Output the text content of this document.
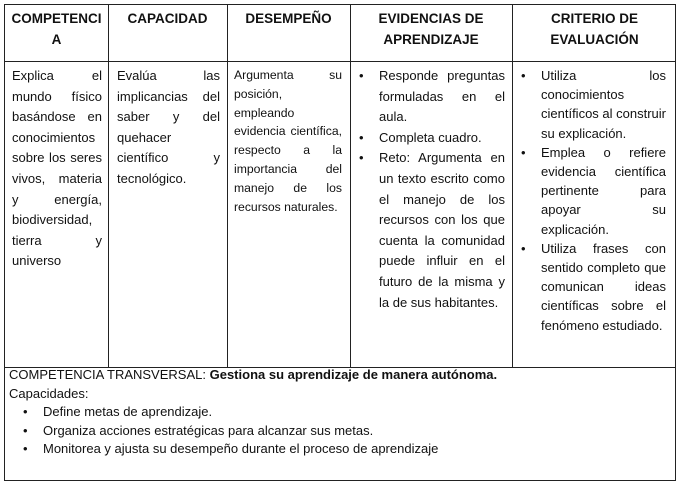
COMPETENCI
A
CAPACIDAD	DESEMPEÑO	EVIDENCIAS DE
APRENDIZAJE
CRITERIO DE
EVALUACIÓN
Explica el mundo físico basándose en conocimientos sobre los seres vivos, materia y energía, biodiversidad, tierra y universo
Evalúa las implicancias del saber y del quehacer científico y tecnológico.
Argumenta su posición, empleando evidencia científica, respecto a la importancia del manejo de los recursos naturales.
• Responde preguntas formuladas en el aula.
• Completa cuadro.
• Reto: Argumenta en un texto escrito como el manejo de los recursos con los que cuenta la comunidad puede influir en el futuro de la misma y la de sus habitantes.
• Utiliza los conocimientos científicos al construir su explicación.
• Emplea o refiere evidencia científica pertinente para apoyar su explicación.
• Utiliza frases con sentido completo que comunican ideas científicas sobre el fenómeno estudiado.
COMPETENCIA TRANSVERSAL: Gestiona su aprendizaje de manera autónoma.
Capacidades:
• Define metas de aprendizaje.
• Organiza acciones estratégicas para alcanzar sus metas.
• Monitorea y ajusta su desempeño durante el proceso de aprendizaje
